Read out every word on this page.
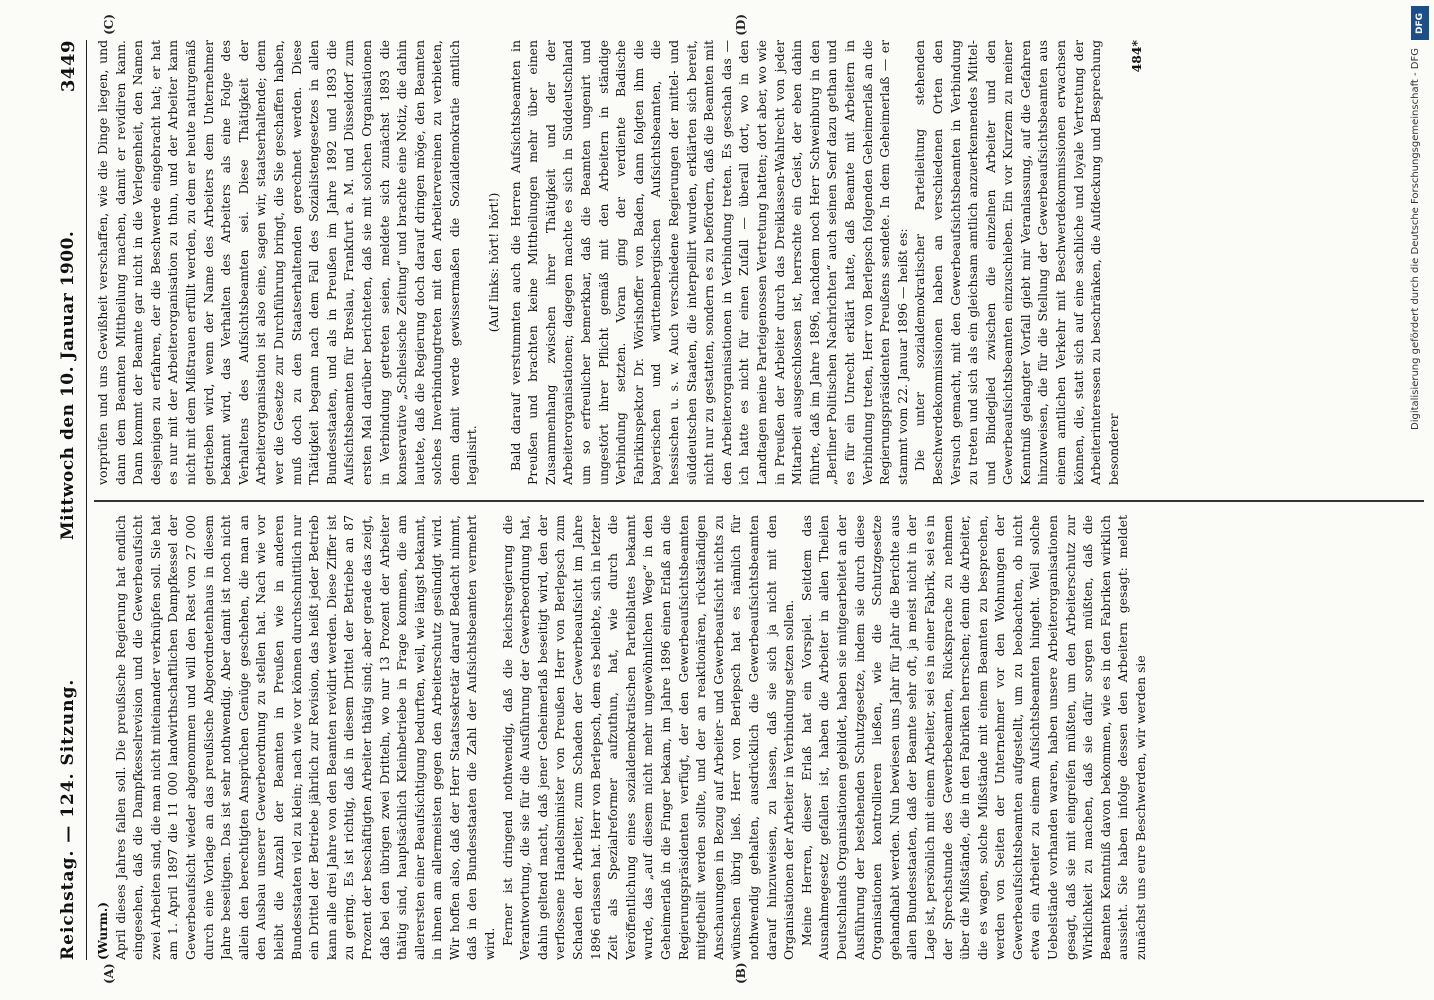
Reichstag. — 124. Sitzung.
Mittwoch den 10. Januar 1900.
3449
(A)	(B)
(C)	(D)

(Wurm.) April dieses Jahres fallen soll. Die preußische Regierung hat endlich eingesehen, daß die Dampfkesselrevision und die Gewerbeaufsicht zwei Arbeiten sind, die man nicht miteinander verknüpfen soll. Sie hat am 1. April 1897 die 11 000 landwirthschaftlichen Dampfkessel der Gewerbeaufsicht wieder abgenommen und will den Rest von 27 000 durch eine Vorlage an das preußische Abgeordnetenhaus in diesem Jahre beseitigen. Das ist sehr nothwendig. Aber damit ist noch nicht allein den berechtigten Ansprüchen Genüge geschehen, die man an den Ausbau unserer Gewerbeordnung zu stellen hat. Nach wie vor bleibt die Anzahl der Beamten in Preußen wie in anderen Bundesstaaten viel zu klein; nach wie vor können durchschnittlich nur ein Drittel der Betriebe jährlich zur Revision, das heißt jeder Betrieb kann alle drei Jahre von den Beamten revidirt werden. Diese Ziffer ist zu gering. Es ist richtig, daß in diesem Drittel der Betriebe an 87 Prozent der beschäftigten Arbeiter thätig sind; aber gerade das zeigt, daß bei den übrigen zwei Dritteln, wo nur 13 Prozent der Arbeiter thätig sind, hauptsächlich Kleinbetriebe in Frage kommen, die am allerersten einer Beaufsichtigung bedurften, weil, wie längst bekannt, in ihnen am allermeisten gegen den Arbeiterschutz gesündigt wird. Wir hoffen also, daß der Herr Staatssekretär darauf Bedacht nimmt, daß in den Bundesstaaten die Zahl der Aufsichtsbeamten vermehrt wird. Ferner ist dringend nothwendig, daß die Reichsregierung die Verantwortung, die sie für die Ausführung der Gewerbeordnung hat, dahin geltend macht, daß jener Geheimerlaß beseitigt wird, den der verflossene Handelsminister von Preußen Herr von Berlepsch zum Schaden der Arbeiter, zum Schaden der Gewerbeaufsicht im Jahre 1896 erlassen hat. Herr von Berlepsch, dem es beliebte, sich in letzter Zeit als Spezialreformer aufzuthun, hat, wie durch die Veröffentlichung eines sozialdemokratischen Parteiblattes bekannt wurde, das „auf diesem nicht mehr ungewöhnlichen Wege“ in den Geheimerlaß in die Finger bekam, im Jahre 1896 einen Erlaß an die Regierungspräsidenten verfügt, der den Gewerbeaufsichtsbeamten mitgetheilt werden sollte, und der an reaktionären, rückständigen Anschauungen in Bezug auf Arbeiter- und Gewerbeaufsicht nichts zu wünschen übrig ließ. Herr von Berlepsch hat es nämlich für nothwendig gehalten, ausdrücklich die Gewerbeaufsichtsbeamten darauf hinzuweisen, zu lassen, daß sie sich ja nicht mit den Organisationen der Arbeiter in Verbindung setzen sollen. Meine Herren, dieser Erlaß hat ein Vorspiel. Seitdem das Ausnahmegesetz gefallen ist, haben die Arbeiter in allen Theilen Deutschlands Organisationen gebildet, haben sie mitgearbeitet an der Ausführung der bestehenden Schutzgesetze, indem sie durch diese Organisationen kontrollieren ließen, wie die Schutzgesetze gehandhabt werden. Nun bewiesen uns Jahr für Jahr die Berichte aus allen Bundesstaaten, daß der Beamte sehr oft, ja meist nicht in der Lage ist, persönlich mit einem Arbeiter, sei es in einer Fabrik, sei es in der Sprechstunde des Gewerbebeamten, Rücksprache zu nehmen über die Mißstände, die in den Fabriken herrschen; denn die Arbeiter, die es wagen, solche Mißstände mit einem Beamten zu besprechen, werden von Seiten der Unternehmer vor den Wohnungen der Gewerbeaufsichtsbeamten aufgestellt, um zu beobachten, ob nicht etwa ein Arbeiter zu einem Aufsichtsbeamten hingeht. Weil solche Uebelstände vorhanden waren, haben unsere Arbeiterorganisationen gesagt, daß sie mit eingreifen müßten, um den Arbeiterschutz zur Wirklichkeit zu machen, daß sie dafür sorgen müßten, daß die Beamten Kenntniß davon bekommen, wie es in den Fabriken wirklich aussieht. Sie haben infolge dessen den Arbeitern gesagt: meldet zunächst uns eure Beschwerden, wir werden sie

vorprüfen und uns Gewißheit verschaffen, wie die Dinge liegen, und dann dem Beamten Mittheilung machen, damit er revidiren kann. Dann kommt der Beamte gar nicht in die Verlegenheit, den Namen desjenigen zu erfahren, der die Beschwerde eingebracht hat; er hat es nur mit der Arbeiterorganisation zu thun, und der Arbeiter kann nicht mit dem Mißtrauen erfüllt werden, zu dem er heute naturgemäß getrieben wird, wenn der Name des Arbeiters dem Unternehmer bekannt wird, das Verhalten des Arbeiters als eine Folge des Verhaltens des Aufsichtsbeamten sei. Diese Thätigkeit der Arbeiterorganisation ist also eine, sagen wir, staatserhaltende; denn wer die Gesetze zur Durchführung bringt, die Sie geschaffen haben, muß doch zu den Staatserhaltenden gerechnet werden. Diese Thätigkeit begann nach dem Fall des Sozialistengesetzes in allen Bundesstaaten, und als in Preußen im Jahre 1892 und 1893 die Aufsichtsbeamten für Breslau, Frankfurt a. M. und Düsseldorf zum ersten Mal darüber berichteten, daß sie mit solchen Organisationen in Verbindung getreten seien, meldete sich zunächst 1893 die konservative „Schlesische Zeitung“ und brachte eine Notiz, die dahin lautete, daß die Regierung doch darauf dringen möge, den Beamten solches Inverbindungtreten mit den Arbeitervereinen zu verbieten, denn damit werde gewissermaßen die Sozialdemokratie amtlich legalisirt.

(Auf links: hört! hört!) Bald darauf verstummten auch die Herren Aufsichtsbeamten in Preußen und brachten keine Mittheilungen mehr über einen Zusammenhang zwischen ihrer Thätigkeit und der der Arbeiterorganisationen; dagegen machte es sich in Süddeutschland um so erfreulicher bemerkbar, daß die Beamten ungenirt und ungestört ihrer Pflicht gemäß mit den Arbeitern in ständige Verbindung setzten. Voran ging der verdiente Badische Fabrikinspektor Dr. Wörishoffer von Baden, dann folgten ihm die bayerischen und württembergischen Aufsichtsbeamten, die hessischen u. s. w. Auch verschiedene Regierungen der mittel- und süddeutschen Staaten, die interpellirt wurden, erklärten sich bereit, nicht nur zu gestatten, sondern es zu befördern, daß die Beamten mit den Arbeiterorganisationen in Verbindung treten. Es geschah das — ich hatte es nicht für einen Zufall — überall dort, wo in den Landtagen meine Parteigenossen Vertretung hatten; dort aber, wo wie in Preußen der Arbeiter durch das Dreiklassen-Wahlrecht von jeder Mitarbeit ausgeschlossen ist, herrschte ein Geist, der eben dahin führte, daß im Jahre 1896, nachdem noch Herr Schweinburg in den „Berliner Politischen Nachrichten“ auch seinen Senf dazu gethan und es für ein Unrecht erklärt hatte, daß Beamte mit Arbeitern in Verbindung treten, Herr von Berlepsch folgenden Geheimerlaß an die Regierungspräsidenten Preußens sendete. In dem Geheimerlaß — er stammt vom 22. Januar 1896 — heißt es: Die unter sozialdemokratischer Parteileitung stehenden Beschwerdekommissionen haben an verschiedenen Orten den Versuch gemacht, mit den Gewerbeaufsichtsbeamten in Verbindung zu treten und sich als ein gleichsam amtlich anzuerkennendes Mittel- und Bindeglied zwischen die einzelnen Arbeiter und den Gewerbeaufsichtsbeamten einzuschieben. Ein vor Kurzem zu meiner Kenntniß gelangter Vorfall giebt mir Veranlassung, auf die Gefahren hinzuweisen, die für die Stellung der Gewerbeaufsichtsbeamten aus einem amtlichen Verkehr mit Beschwerdekommissionen erwachsen können, die, statt sich auf eine sachliche und loyale Vertretung der Arbeiterinteressen zu beschränken, die Aufdeckung und Besprechung besonderer

484*

DFG
Digitalisierung gefördert durch die Deutsche Forschungsgemeinschaft - DFG
